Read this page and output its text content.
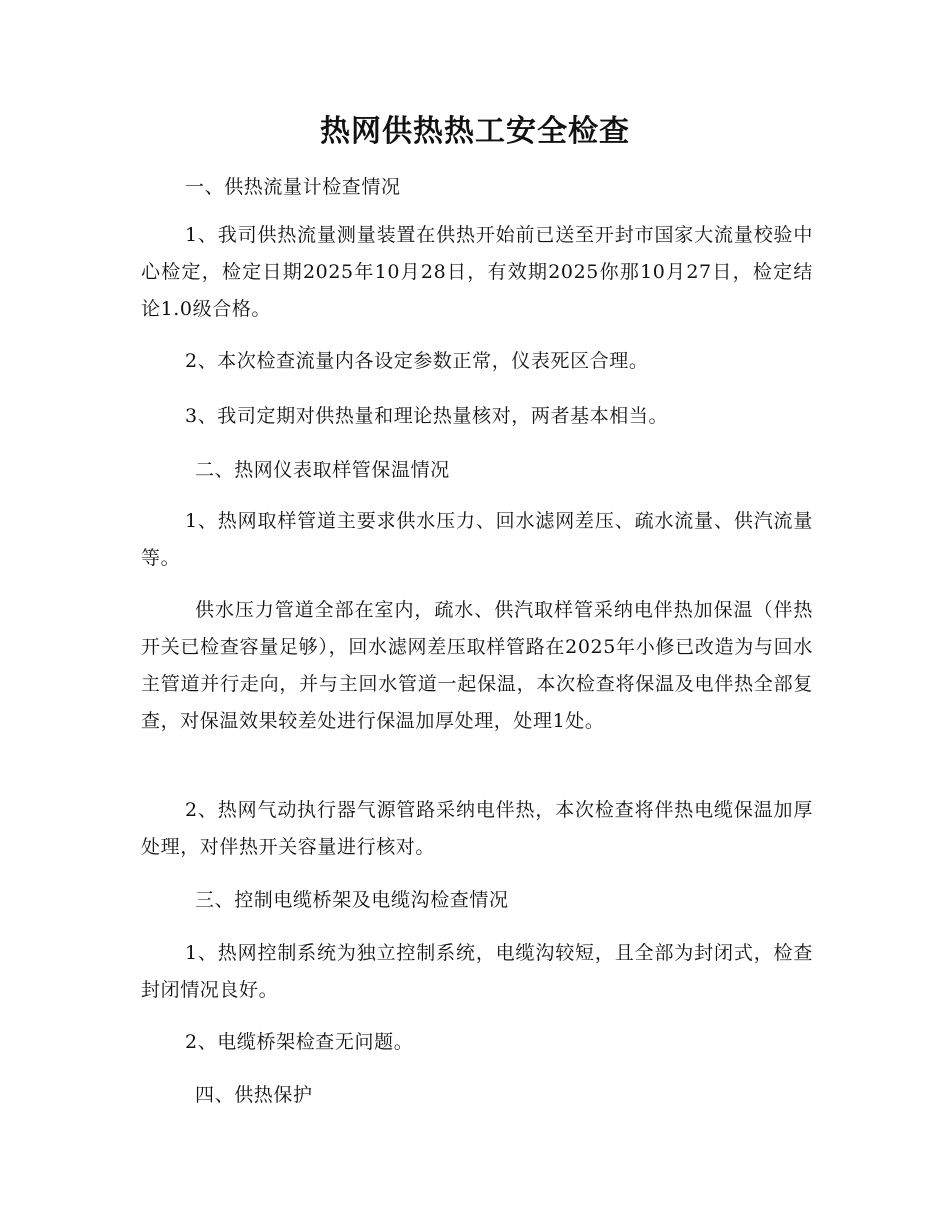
热网供热热工安全检查

一、供热流量计检查情况

1、我司供热流量测量装置在供热开始前已送至开封市国家大流量校验中心检定，检定日期2025年10月28日，有效期2025你那10月27日，检定结论1.0级合格。

2、本次检查流量内各设定参数正常，仪表死区合理。

3、我司定期对供热量和理论热量核对，两者基本相当。

二、热网仪表取样管保温情况

1、热网取样管道主要求供水压力、回水滤网差压、疏水流量、供汽流量等。

供水压力管道全部在室内，疏水、供汽取样管采纳电伴热加保温（伴热开关已检查容量足够），回水滤网差压取样管路在2025年小修已改造为与回水主管道并行走向，并与主回水管道一起保温，本次检查将保温及电伴热全部复查，对保温效果较差处进行保温加厚处理，处理1处。

2、热网气动执行器气源管路采纳电伴热，本次检查将伴热电缆保温加厚处理，对伴热开关容量进行核对。

三、控制电缆桥架及电缆沟检查情况

1、热网控制系统为独立控制系统，电缆沟较短，且全部为封闭式，检查封闭情况良好。

2、电缆桥架检查无问题。

四、供热保护
